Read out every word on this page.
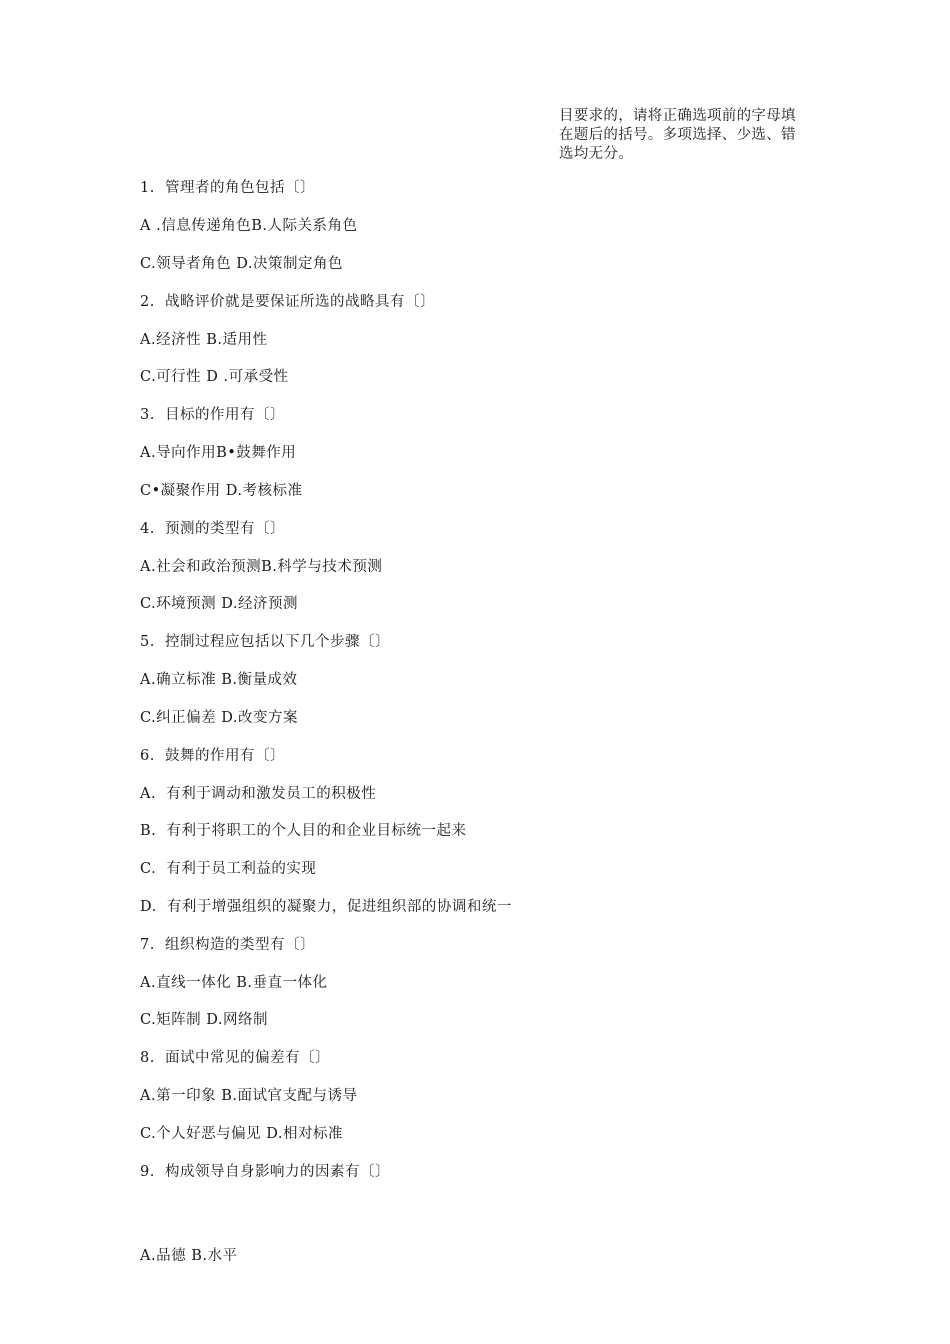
目要求的，请将正确选项前的字母填
在题后的括号。多项选择、少选、错
选均无分。
1.  管理者的角色包括〔〕
A .信息传递角色B.人际关系角色
C.领导者角色 D.决策制定角色
2.  战略评价就是要保证所选的战略具有〔〕
A.经济性 B.适用性
C.可行性 D .可承受性
3.  目标的作用有〔〕
A.导向作用B•鼓舞作用
C•凝聚作用 D.考核标准
4.  预测的类型有〔〕
A.社会和政治预测B.科学与技术预测
C.环境预测 D.经济预测
5.  控制过程应包括以下几个步骤〔〕
A.确立标准 B.衡量成效
C.纠正偏差 D.改变方案
6.  鼓舞的作用有〔〕
A.  有利于调动和激发员工的积极性
B.  有利于将职工的个人目的和企业目标统一起来
C.  有利于员工利益的实现
D.  有利于增强组织的凝聚力，促进组织部的协调和统一
7.  组织构造的类型有〔〕
A.直线一体化 B.垂直一体化
C.矩阵制 D.网络制
8.  面试中常见的偏差有〔〕
A.第一印象 B.面试官支配与诱导
C.个人好恶与偏见 D.相对标准
9.  构成领导自身影响力的因素有〔〕
A.品德 B.水平
